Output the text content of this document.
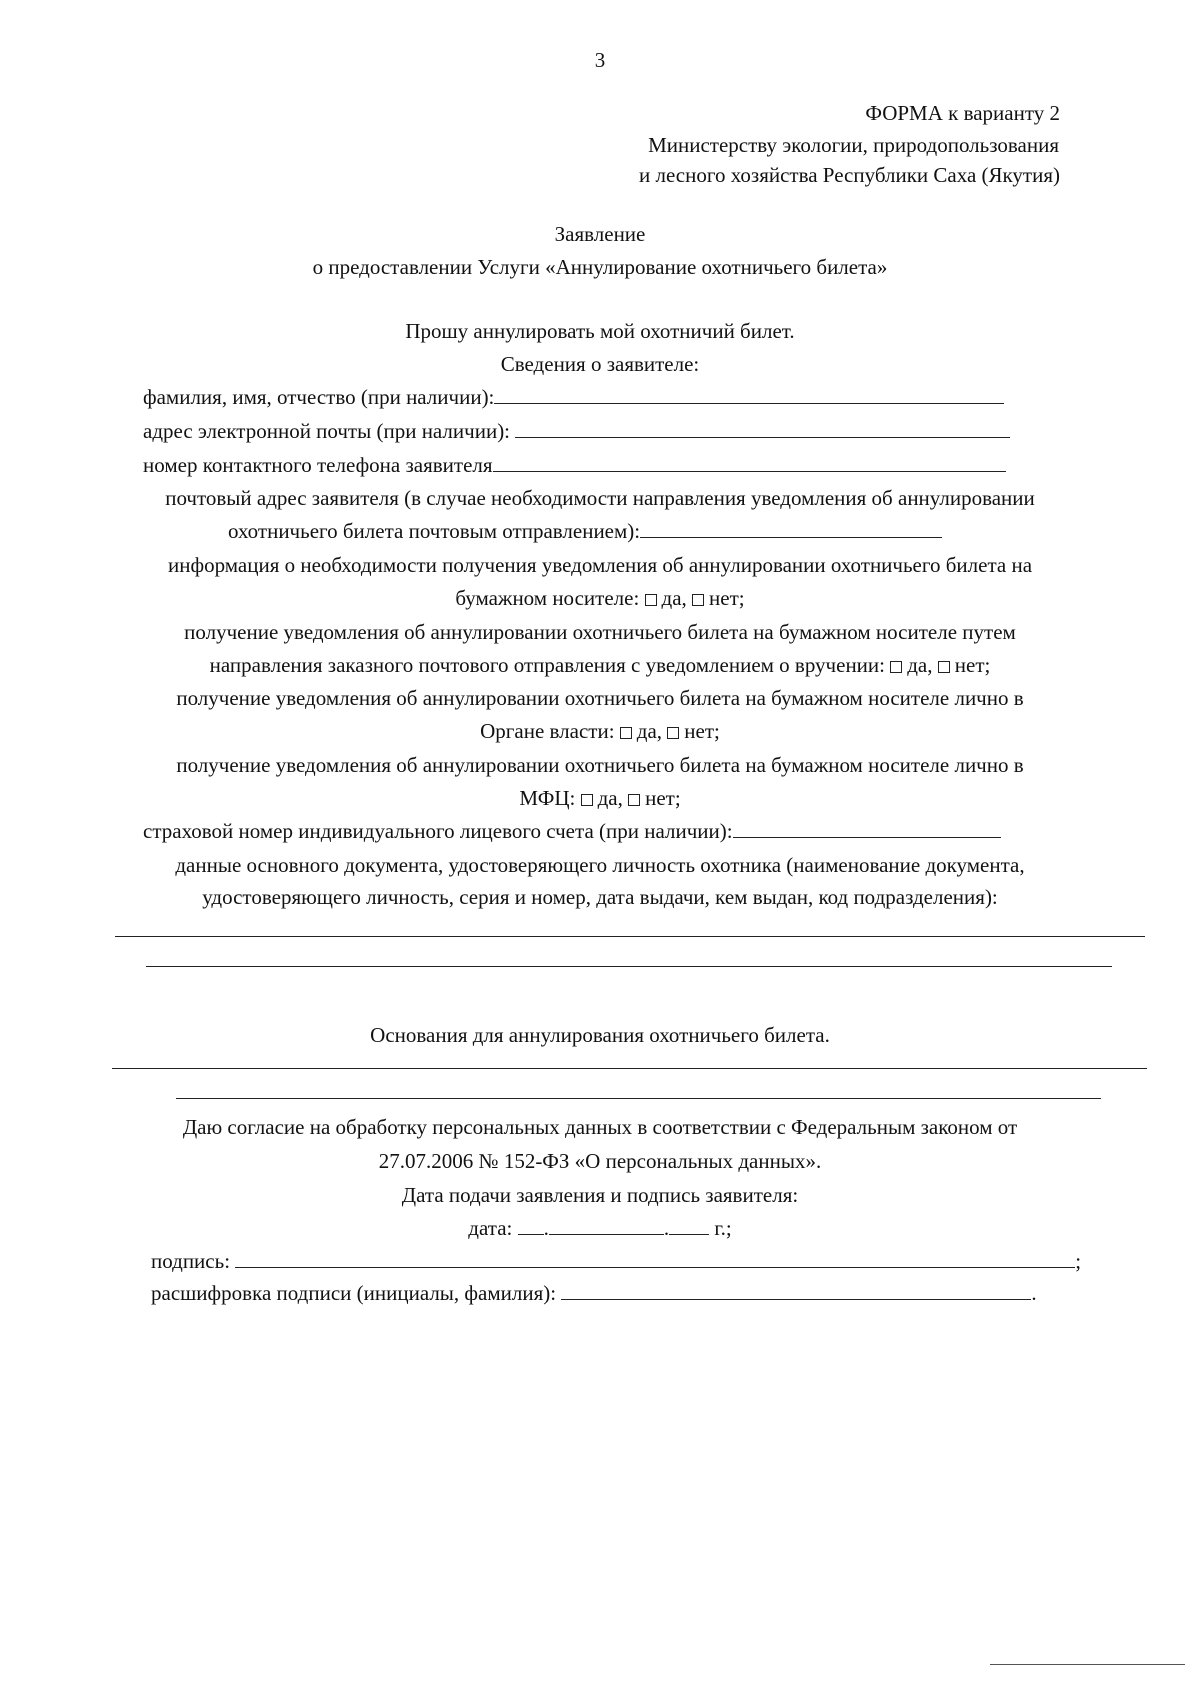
3
ФОРМА к варианту 2
Министерству экологии, природопользования
и лесного хозяйства Республики Саха (Якутия)
Заявление
о предоставлении Услуги «Аннулирование охотничьего билета»
Прошу аннулировать мой охотничий билет.
Сведения о заявителе:
фамилия, имя, отчество (при наличии):
адрес электронной почты (при наличии):
номер контактного телефона заявителя
почтовый адрес заявителя (в случае необходимости направления уведомления об аннулировании
охотничьего билета почтовым отправлением):
информация о необходимости получения уведомления об аннулировании охотничьего билета на
бумажном носителе: да, нет;
получение уведомления об аннулировании охотничьего билета на бумажном носителе путем
направления заказного почтового отправления с уведомлением о вручении: да, нет;
получение уведомления об аннулировании охотничьего билета на бумажном носителе лично в
Органе власти: да, нет;
получение уведомления об аннулировании охотничьего билета на бумажном носителе лично в
МФЦ: да, нет;
страховой номер индивидуального лицевого счета (при наличии):
данные основного документа, удостоверяющего личность охотника (наименование документа,
удостоверяющего личность, серия и номер, дата выдачи, кем выдан, код подразделения):
Основания для аннулирования охотничьего билета.
Даю согласие на обработку персональных данных в соответствии с Федеральным законом от
27.07.2006 № 152-ФЗ «О персональных данных».
Дата подачи заявления и подпись заявителя:
дата: .	. г.;
подпись:	;
расшифровка подписи (инициалы, фамилия):	.
